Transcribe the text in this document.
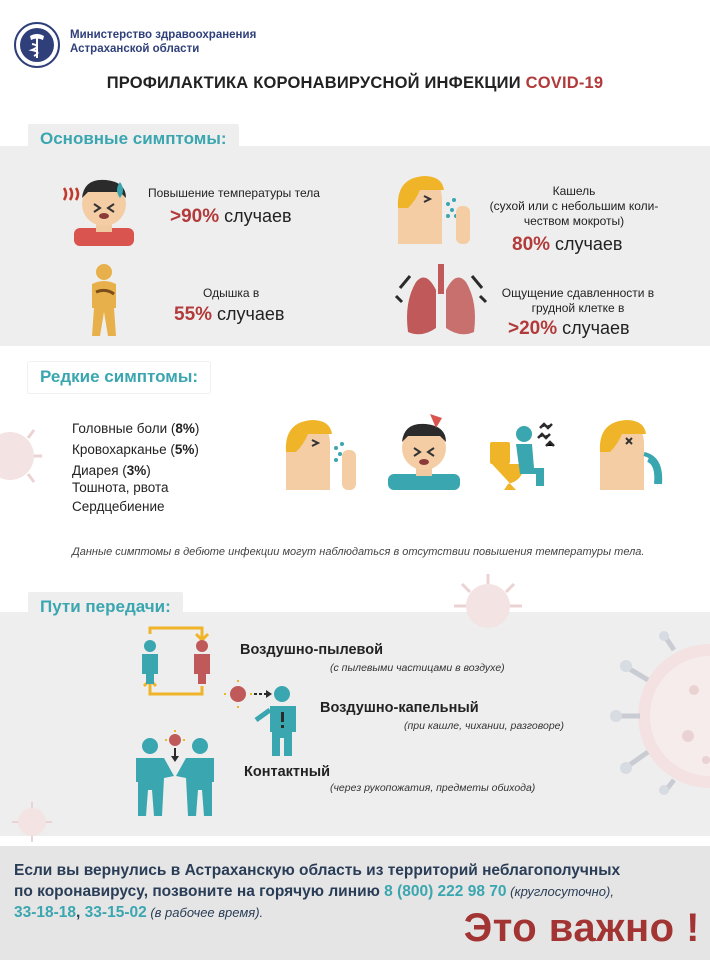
Министерство здравоохранения
Астраханской области
ПРОФИЛАКТИКА КОРОНАВИРУСНОЙ ИНФЕКЦИИ COVID-19
Основные симптомы:
Повышение температуры тела
>90% случаев
Кашель
(сухой или с небольшим коли-
чеством мокроты)
80% случаев
Одышка в
55% случаев
Ощущение сдавленности в
грудной клетке в
>20% случаев
Редкие симптомы:
Головные боли (8%)
Кровохарканье (5%)
Диарея (3%)
Тошнота, рвота
Сердцебиение
Данные симптомы в дебюте инфекции могут наблюдаться в отсутствии повышения температуры тела.
Пути передачи:
Воздушно-пылевой
(с пылевыми частицами в воздухе)
Воздушно-капельный
(при кашле, чихании, разговоре)
Контактный
(через рукопожатия, предметы обихода)
Если вы вернулись в Астраханскую область из территорий неблагополучных
по коронавирусу, позвоните на горячую линию 8 (800) 222 98 70 (круглосуточно),
33-18-18, 33-15-02 (в рабочее время).	Это важно !
